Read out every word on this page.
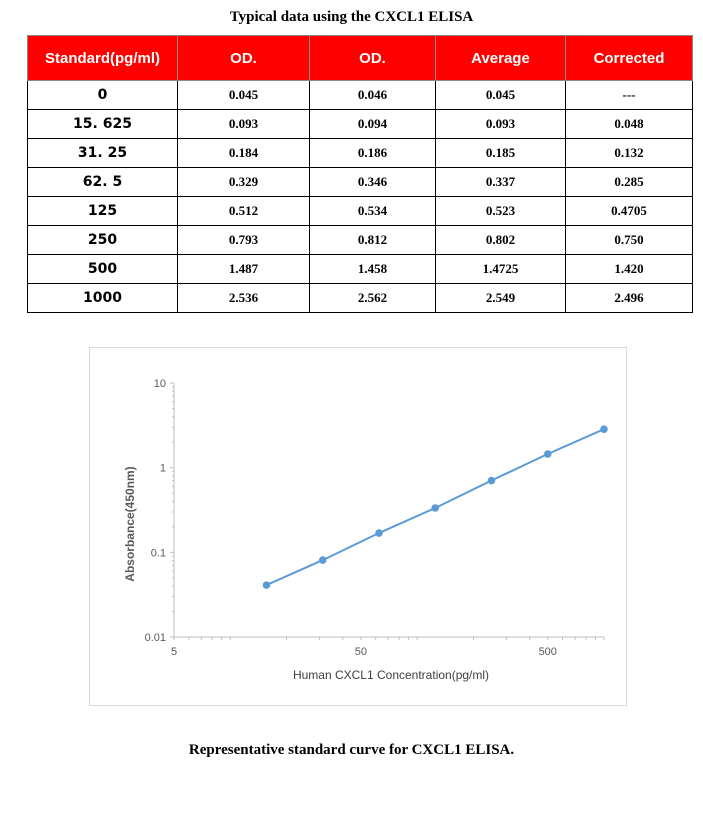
Typical data using the CXCL1 ELISA
Standard(pg/ml)	OD.	OD.	Average	Corrected
0	0.045	0.046	0.045	---
15. 625	0.093	0.094	0.093	0.048
31. 25	0.184	0.186	0.185	0.132
62. 5	0.329	0.346	0.337	0.285
125	0.512	0.534	0.523	0.4705
250	0.793	0.812	0.802	0.750
500	1.487	1.458	1.4725	1.420
1000	2.536	2.562	2.549	2.496
0.01
0.1
1
10
5	50	500
Human CXCL1 Concentration(pg/ml)
Absorbance(450nm)
Representative standard curve for CXCL1 ELISA.
